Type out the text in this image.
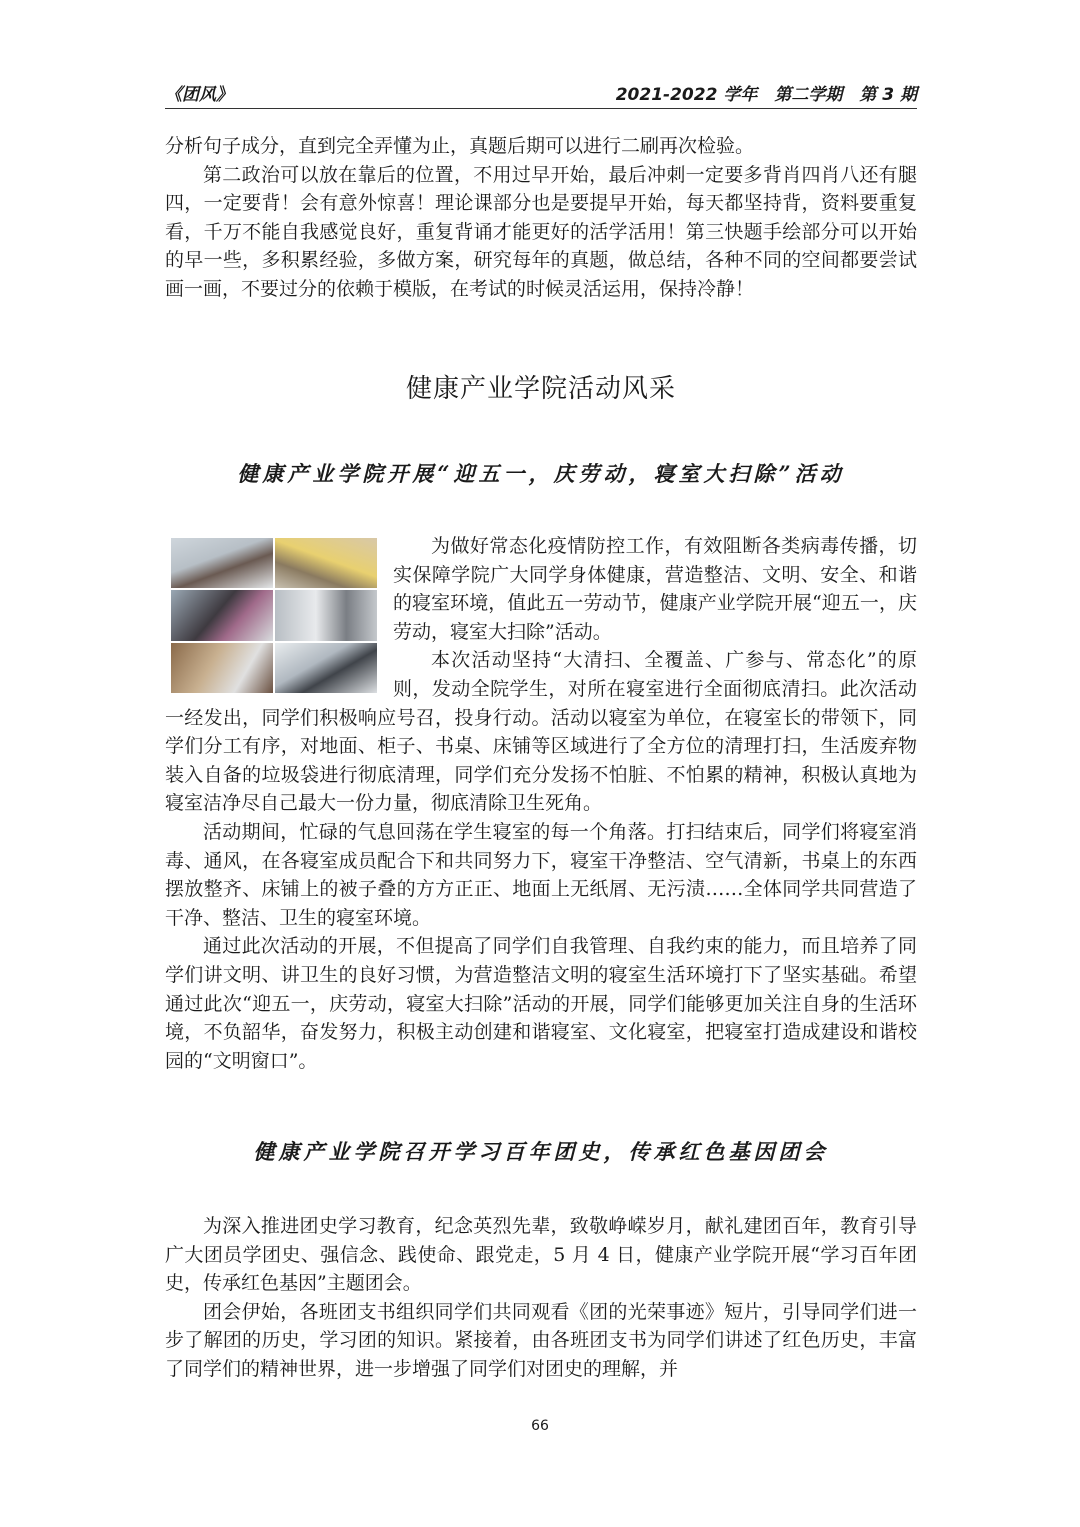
《团风》	2021-2022 学年　第二学期　第 3 期

分析句子成分，直到完全弄懂为止，真题后期可以进行二刷再次检验。

第二政治可以放在靠后的位置，不用过早开始，最后冲刺一定要多背肖四肖八还有腿四，一定要背！会有意外惊喜！理论课部分也是要提早开始，每天都坚持背，资料要重复看，千万不能自我感觉良好，重复背诵才能更好的活学活用！第三快题手绘部分可以开始的早一些，多积累经验，多做方案，研究每年的真题，做总结，各种不同的空间都要尝试画一画，不要过分的依赖于模版，在考试的时候灵活运用，保持冷静！

健康产业学院活动风采
健康产业学院开展“迎五一，庆劳动，寝室大扫除”活动

为做好常态化疫情防控工作，有效阻断各类病毒传播，切实保障学院广大同学身体健康，营造整洁、文明、安全、和谐的寝室环境，值此五一劳动节，健康产业学院开展“迎五一，庆劳动，寝室大扫除”活动。

本次活动坚持“大清扫、全覆盖、广参与、常态化”的原则，发动全院学生，对所在寝室进行全面彻底清扫。此次活动一经发出，同学们积极响应号召，投身行动。活动以寝室为单位，在寝室长的带领下，同学们分工有序，对地面、柜子、书桌、床铺等区域进行了全方位的清理打扫，生活废弃物装入自备的垃圾袋进行彻底清理，同学们充分发扬不怕脏、不怕累的精神，积极认真地为寝室洁净尽自己最大一份力量，彻底清除卫生死角。

活动期间，忙碌的气息回荡在学生寝室的每一个角落。打扫结束后，同学们将寝室消毒、通风，在各寝室成员配合下和共同努力下，寝室干净整洁、空气清新，书桌上的东西摆放整齐、床铺上的被子叠的方方正正、地面上无纸屑、无污渍……全体同学共同营造了干净、整洁、卫生的寝室环境。

通过此次活动的开展，不但提高了同学们自我管理、自我约束的能力，而且培养了同学们讲文明、讲卫生的良好习惯，为营造整洁文明的寝室生活环境打下了坚实基础。希望通过此次“迎五一，庆劳动，寝室大扫除”活动的开展，同学们能够更加关注自身的生活环境，不负韶华，奋发努力，积极主动创建和谐寝室、文化寝室，把寝室打造成建设和谐校园的“文明窗口”。

健康产业学院召开学习百年团史，传承红色基因团会

为深入推进团史学习教育，纪念英烈先辈，致敬峥嵘岁月，献礼建团百年，教育引导广大团员学团史、强信念、践使命、跟党走，5 月 4 日，健康产业学院开展“学习百年团史，传承红色基因”主题团会。

团会伊始，各班团支书组织同学们共同观看《团的光荣事迹》短片，引导同学们进一步了解团的历史，学习团的知识。紧接着，由各班团支书为同学们讲述了红色历史，丰富了同学们的精神世界，进一步增强了同学们对团史的理解，并

66
